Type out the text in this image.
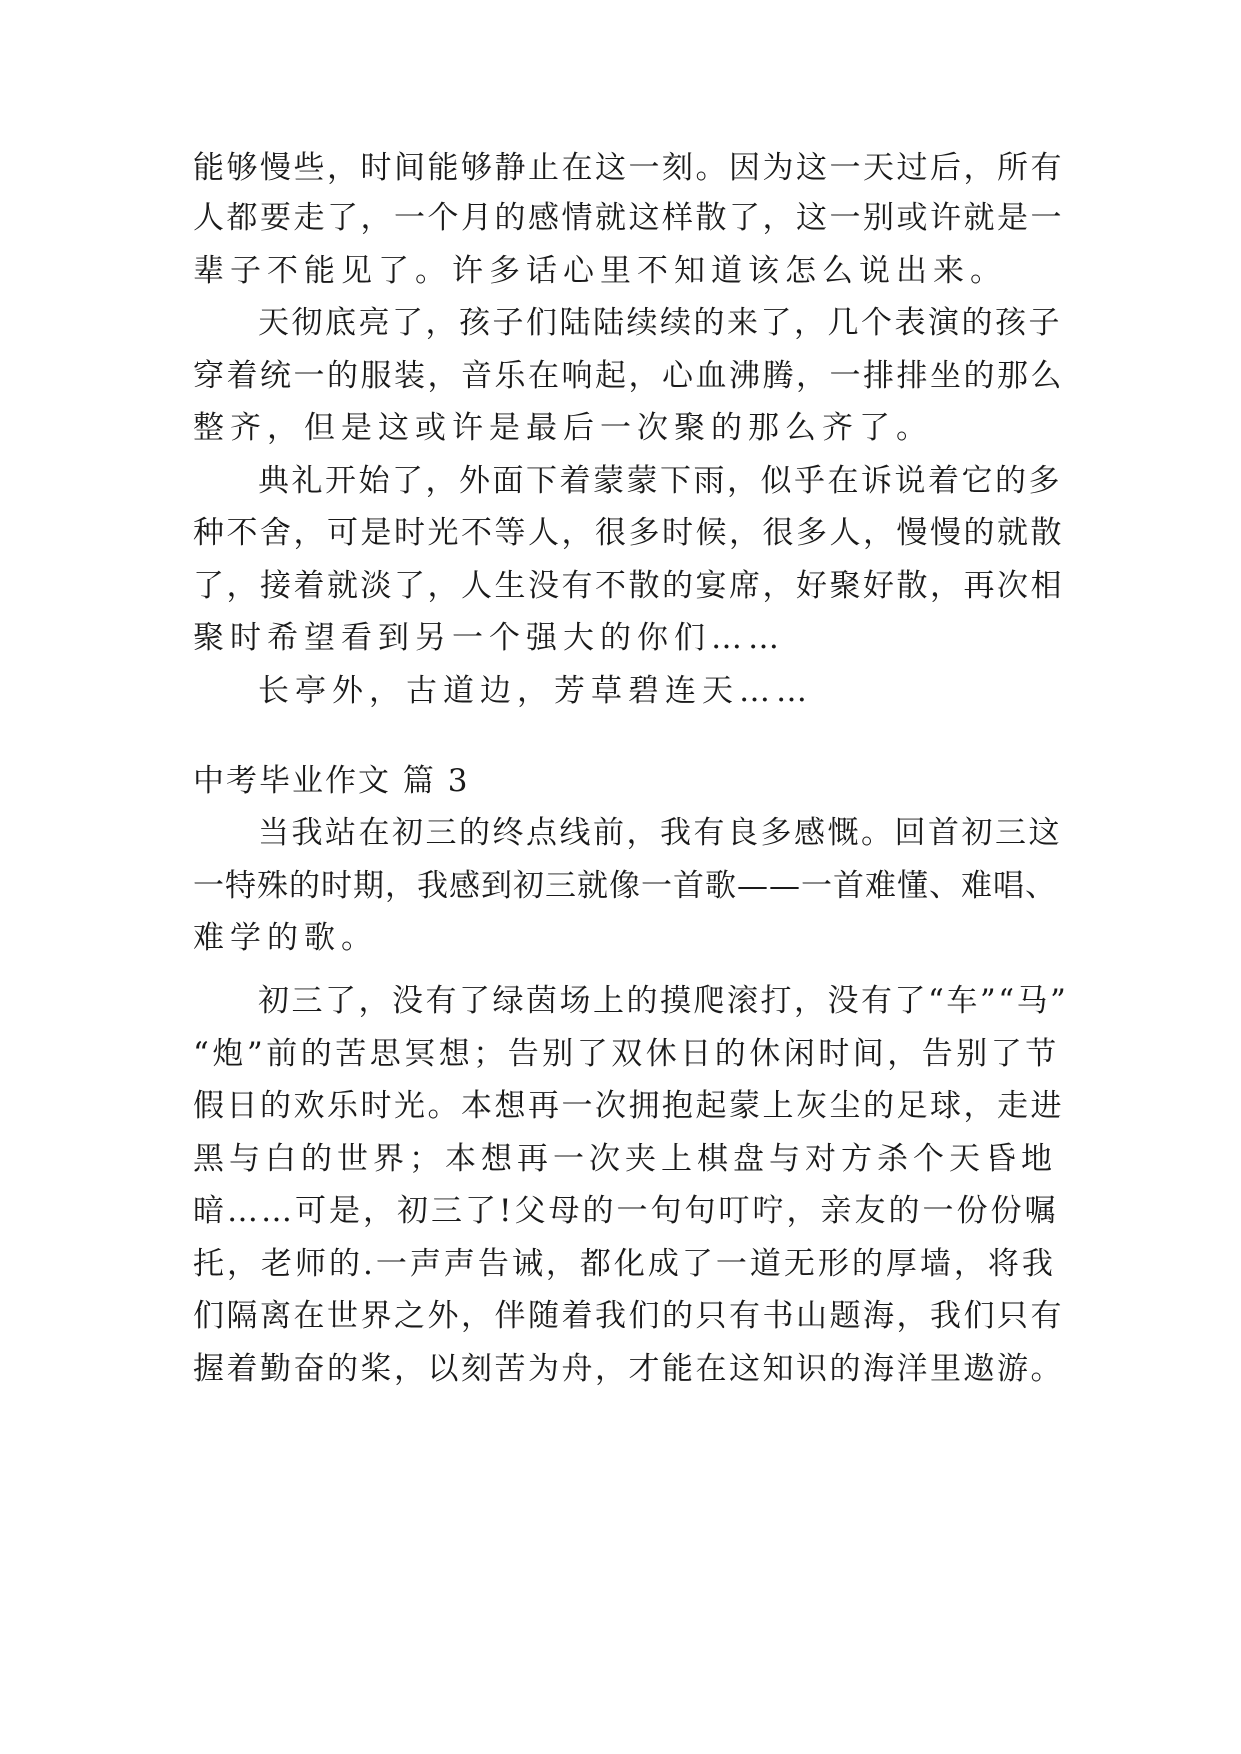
能够慢些，时间能够静止在这一刻。因为这一天过后，所有
人都要走了，一个月的感情就这样散了，这一别或许就是一
辈子不能见了。许多话心里不知道该怎么说出来。
天彻底亮了，孩子们陆陆续续的来了，几个表演的孩子
穿着统一的服装，音乐在响起，心血沸腾，一排排坐的那么
整齐，但是这或许是最后一次聚的那么齐了。
典礼开始了，外面下着蒙蒙下雨，似乎在诉说着它的多
种不舍，可是时光不等人，很多时候，很多人，慢慢的就散
了，接着就淡了，人生没有不散的宴席，好聚好散，再次相
聚时希望看到另一个强大的你们……
长亭外，古道边，芳草碧连天……
中考毕业作文 篇 3
当我站在初三的终点线前，我有良多感慨。回首初三这
一特殊的时期，我感到初三就像一首歌——一首难懂、难唱、
难学的歌。
初三了，没有了绿茵场上的摸爬滚打，没有了“车”“马”
“炮”前的苦思冥想；告别了双休日的休闲时间，告别了节
假日的欢乐时光。本想再一次拥抱起蒙上灰尘的足球，走进
黑与白的世界；本想再一次夹上棋盘与对方杀个天昏地
暗……可是，初三了!父母的一句句叮咛，亲友的一份份嘱
托，老师的.一声声告诫，都化成了一道无形的厚墙，将我
们隔离在世界之外，伴随着我们的只有书山题海，我们只有
握着勤奋的桨，以刻苦为舟，才能在这知识的海洋里遨游。
